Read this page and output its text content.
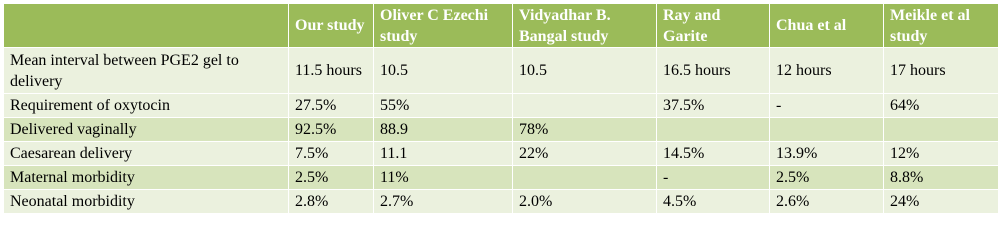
	Our study	Oliver C Ezechi study	Vidyadhar B. Bangal study	Ray and Garite	Chua et al	Meikle et al study
Mean interval between PGE2 gel to delivery	11.5 hours	10.5	10.5	16.5 hours	12 hours	17 hours
Requirement of oxytocin	27.5%	55%		37.5%	-	64%
Delivered vaginally	92.5%	88.9	78%			
Caesarean delivery	7.5%	11.1	22%	14.5%	13.9%	12%
Maternal morbidity	2.5%	11%		-	2.5%	8.8%
Neonatal morbidity	2.8%	2.7%	2.0%	4.5%	2.6%	24%
